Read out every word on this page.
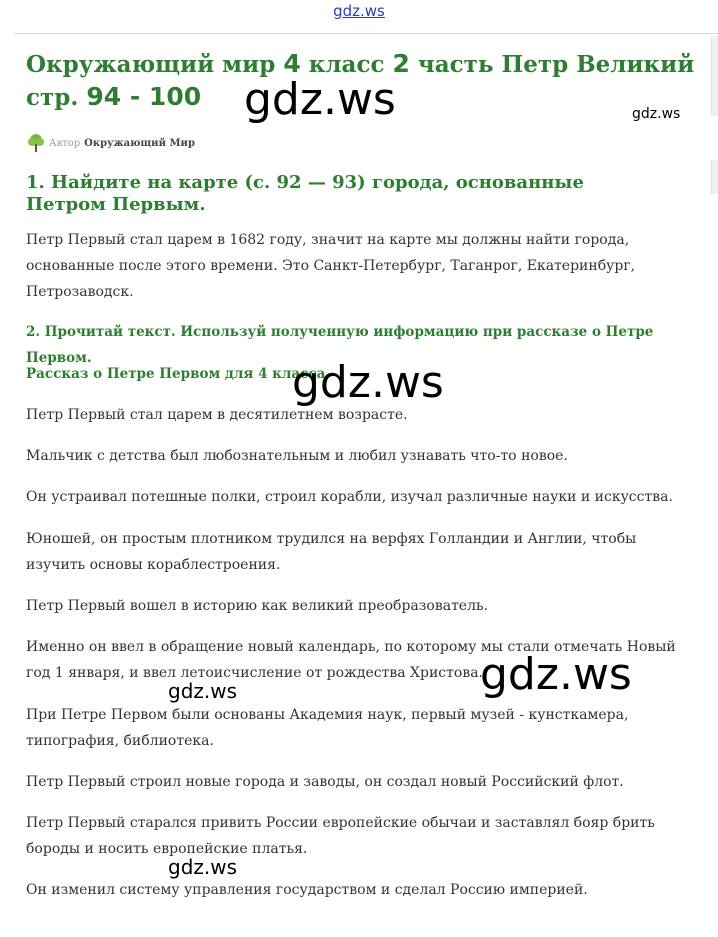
gdz.ws
Окружающий мир 4 класс 2 часть Петр Великий стр. 94 - 100
Автор Окружающий Мир
1. Найдите на карте (с. 92 — 93) города, основанные Петром Первым.

Петр Первый стал царем в 1682 году, значит на карте мы должны найти города, основанные после этого времени. Это Санкт-Петербург, Таганрог, Екатеринбург, Петрозаводск.

2. Прочитай текст. Используй полученную информацию при рассказе о Петре Первом.

Рассказ о Петре Первом для 4 класса

Петр Первый стал царем в десятилетнем возрасте.

Мальчик с детства был любознательным и любил узнавать что-то новое.

Он устраивал потешные полки, строил корабли, изучал различные науки и искусства.

Юношей, он простым плотником трудился на верфях Голландии и Англии, чтобы изучить основы кораблестроения.

Петр Первый вошел в историю как великий преобразователь.

Именно он ввел в обращение новый календарь, по которому мы стали отмечать Новый год 1 января, и ввел летоисчисление от рождества Христова.

При Петре Первом были основаны Академия наук, первый музей - кунсткамера, типография, библиотека.

Петр Первый строил новые города и заводы, он создал новый Российский флот.

Петр Первый старался привить России европейские обычаи и заставлял бояр брить бороды и носить европейские платья.

Он изменил систему управления государством и сделал Россию империей.

gdz.ws	gdz.ws
gdz.ws
gdz.ws
gdz.ws
gdz.ws
